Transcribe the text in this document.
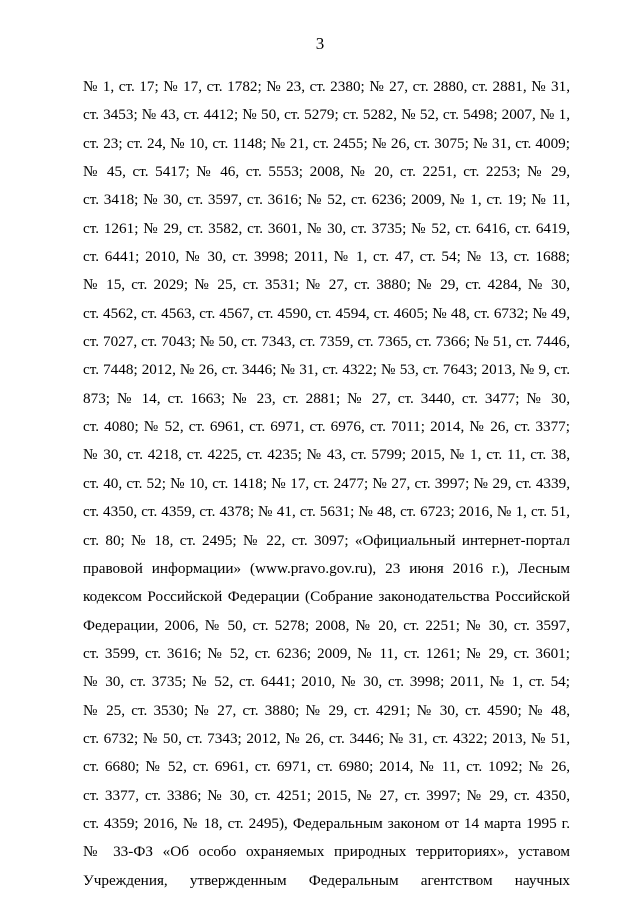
3
№ 1, ст. 17; № 17, ст. 1782; № 23, ст. 2380; № 27, ст. 2880, ст. 2881, № 31,
ст. 3453; № 43, ст. 4412; № 50, ст. 5279; ст. 5282, № 52, ст. 5498; 2007, № 1,
ст. 23; ст. 24, № 10, ст. 1148; № 21, ст. 2455; № 26, ст. 3075; № 31, ст. 4009;
№ 45, ст. 5417; № 46, ст. 5553; 2008, № 20, ст. 2251, ст. 2253; № 29,
ст. 3418; № 30, ст. 3597, ст. 3616; № 52, ст. 6236; 2009, № 1, ст. 19; № 11,
ст. 1261; № 29, ст. 3582, ст. 3601, № 30, ст. 3735; № 52, ст. 6416, ст. 6419,
ст. 6441; 2010, № 30, ст. 3998; 2011, № 1, ст. 47, ст. 54; № 13, ст. 1688;
№ 15, ст. 2029; № 25, ст. 3531; № 27, ст. 3880; № 29, ст. 4284, № 30,
ст. 4562, ст. 4563, ст. 4567, ст. 4590, ст. 4594, ст. 4605; № 48, ст. 6732; № 49,
ст. 7027, ст. 7043; № 50, ст. 7343, ст. 7359, ст. 7365, ст. 7366; № 51, ст. 7446,
ст. 7448; 2012, № 26, ст. 3446; № 31, ст. 4322; № 53, ст. 7643; 2013, № 9, ст.
873; № 14, ст. 1663; № 23, ст. 2881; № 27, ст. 3440, ст. 3477; № 30,
ст. 4080; № 52, ст. 6961, ст. 6971, ст. 6976, ст. 7011; 2014, № 26, ст. 3377;
№ 30, ст. 4218, ст. 4225, ст. 4235; № 43, ст. 5799; 2015, № 1, ст. 11, ст. 38,
ст. 40, ст. 52; № 10, ст. 1418; № 17, ст. 2477; № 27, ст. 3997; № 29, ст. 4339,
ст. 4350, ст. 4359, ст. 4378; № 41, ст. 5631; № 48, ст. 6723; 2016, № 1, ст. 51,
ст. 80; № 18, ст. 2495; № 22, ст. 3097; «Официальный интернет-портал
правовой информации» (www.pravo.gov.ru), 23 июня 2016 г.), Лесным
кодексом Российской Федерации (Собрание законодательства Российской
Федерации, 2006, № 50, ст. 5278; 2008, № 20, ст. 2251; № 30, ст. 3597,
ст. 3599, ст. 3616; № 52, ст. 6236; 2009, № 11, ст. 1261; № 29, ст. 3601;
№ 30, ст. 3735; № 52, ст. 6441; 2010, № 30, ст. 3998; 2011, № 1, ст. 54;
№ 25, ст. 3530; № 27, ст. 3880; № 29, ст. 4291; № 30, ст. 4590; № 48,
ст. 6732; № 50, ст. 7343; 2012, № 26, ст. 3446; № 31, ст. 4322; 2013, № 51,
ст. 6680; № 52, ст. 6961, ст. 6971, ст. 6980; 2014, № 11, ст. 1092; № 26,
ст. 3377, ст. 3386; № 30, ст. 4251; 2015, № 27, ст. 3997; № 29, ст. 4350,
ст. 4359; 2016, № 18, ст. 2495), Федеральным законом от 14 марта 1995 г.
№ 33-ФЗ «Об особо охраняемых природных территориях», уставом
Учреждения, утвержденным Федеральным агентством научных
